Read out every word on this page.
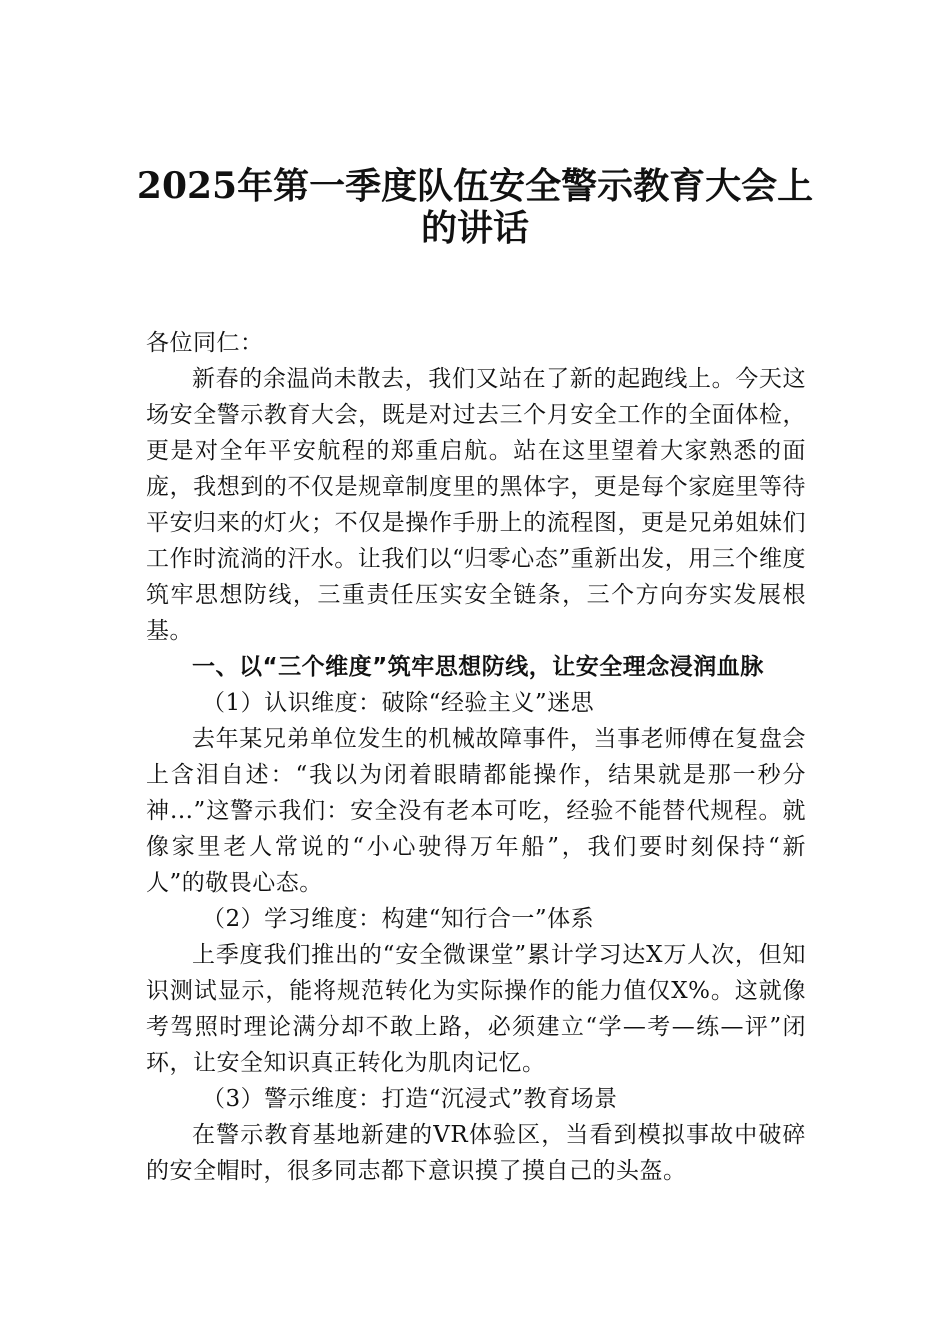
2025年第一季度队伍安全警示教育大会上
的讲话

各位同仁：

新春的余温尚未散去，我们又站在了新的起跑线上。今天这场安全警示教育大会，既是对过去三个月安全工作的全面体检，更是对全年平安航程的郑重启航。站在这里望着大家熟悉的面庞，我想到的不仅是规章制度里的黑体字，更是每个家庭里等待平安归来的灯火；不仅是操作手册上的流程图，更是兄弟姐妹们工作时流淌的汗水。让我们以“归零心态”重新出发，用三个维度筑牢思想防线，三重责任压实安全链条，三个方向夯实发展根基。

一、以“三个维度”筑牢思想防线，让安全理念浸润血脉

（1）认识维度：破除“经验主义”迷思

去年某兄弟单位发生的机械故障事件，当事老师傅在复盘会上含泪自述：“我以为闭着眼睛都能操作，结果就是那一秒分神...”这警示我们：安全没有老本可吃，经验不能替代规程。就像家里老人常说的“小心驶得万年船”，我们要时刻保持“新人”的敬畏心态。

（2）学习维度：构建“知行合一”体系

上季度我们推出的“安全微课堂”累计学习达X万人次，但知识测试显示，能将规范转化为实际操作的能力值仅X%。这就像考驾照时理论满分却不敢上路，必须建立“学—考—练—评”闭环，让安全知识真正转化为肌肉记忆。

（3）警示维度：打造“沉浸式”教育场景

在警示教育基地新建的VR体验区，当看到模拟事故中破碎的安全帽时，很多同志都下意识摸了摸自己的头盔。
